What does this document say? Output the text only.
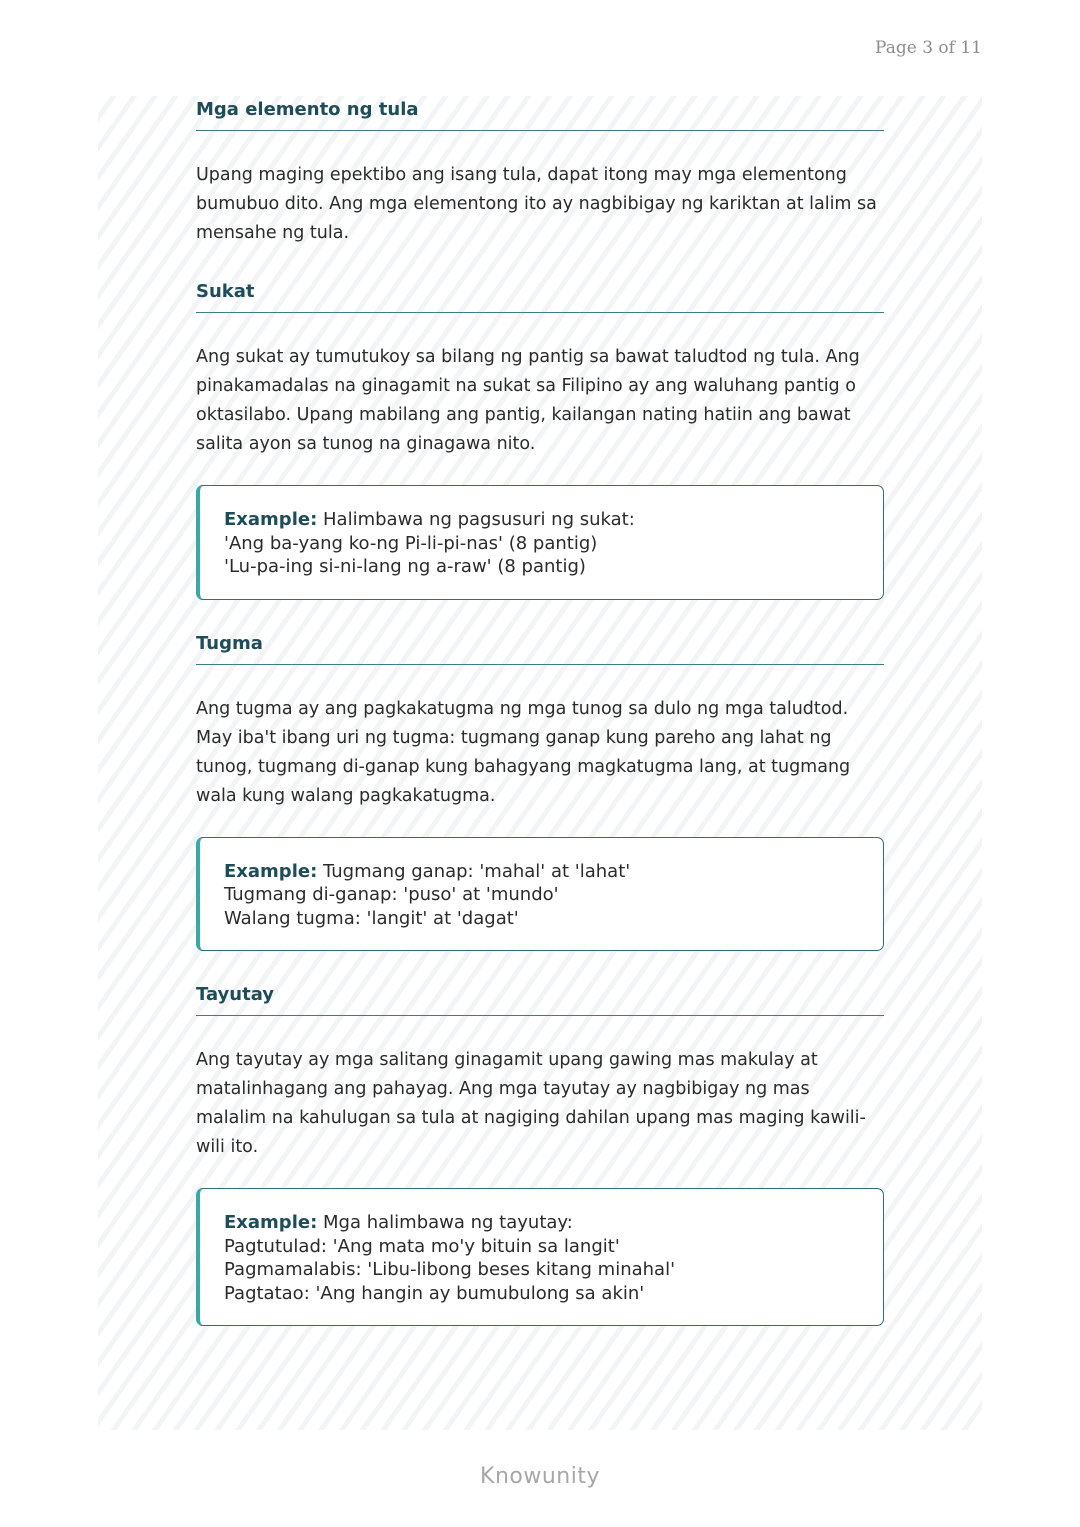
Page 3 of 11
Mga elemento ng tula

Upang maging epektibo ang isang tula, dapat itong may mga elementong bumubuo dito. Ang mga elementong ito ay nagbibigay ng kariktan at lalim sa mensahe ng tula.

Sukat

Ang sukat ay tumutukoy sa bilang ng pantig sa bawat taludtod ng tula. Ang pinakamadalas na ginagamit na sukat sa Filipino ay ang waluhang pantig o oktasilabo. Upang mabilang ang pantig, kailangan nating hatiin ang bawat salita ayon sa tunog na ginagawa nito.

Example: Halimbawa ng pagsusuri ng sukat:
'Ang ba-yang ko-ng Pi-li-pi-nas' (8 pantig)
'Lu-pa-ing si-ni-lang ng a-raw' (8 pantig)
Tugma

Ang tugma ay ang pagkakatugma ng mga tunog sa dulo ng mga taludtod. May iba't ibang uri ng tugma: tugmang ganap kung pareho ang lahat ng tunog, tugmang di-ganap kung bahagyang magkatugma lang, at tugmang wala kung walang pagkakatugma.

Example: Tugmang ganap: 'mahal' at 'lahat'
Tugmang di-ganap: 'puso' at 'mundo'
Walang tugma: 'langit' at 'dagat'
Tayutay

Ang tayutay ay mga salitang ginagamit upang gawing mas makulay at matalinhagang ang pahayag. Ang mga tayutay ay nagbibigay ng mas malalim na kahulugan sa tula at nagiging dahilan upang mas maging kawili-wili ito.

Example: Mga halimbawa ng tayutay:
Pagtutulad: 'Ang mata mo'y bituin sa langit'
Pagmamalabis: 'Libu-libong beses kitang minahal'
Pagtatao: 'Ang hangin ay bumubulong sa akin'
Knowunity
